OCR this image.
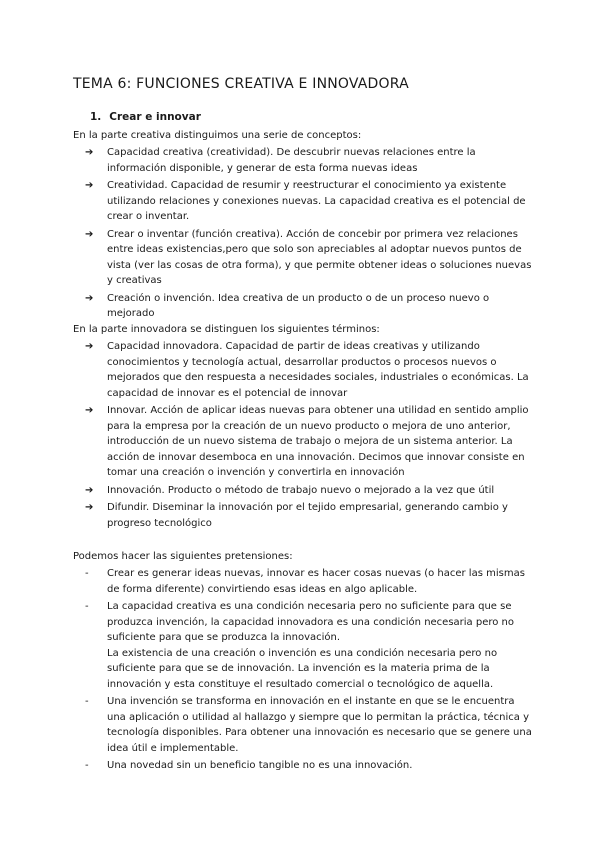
TEMA 6: FUNCIONES CREATIVA E INNOVADORA
1. Crear e innovar
En la parte creativa distinguimos una serie de conceptos:
➔	Capacidad creativa (creatividad). De descubrir nuevas relaciones entre la información disponible, y generar de esta forma nuevas ideas
➔	Creatividad. Capacidad de resumir y reestructurar el conocimiento ya existente utilizando relaciones y conexiones nuevas. La capacidad creativa es el potencial de crear o inventar.
➔	Crear o inventar (función creativa). Acción de concebir por primera vez relaciones entre ideas existencias,pero que solo son apreciables al adoptar nuevos puntos de vista (ver las cosas de otra forma), y que permite obtener ideas o soluciones nuevas y creativas
➔	Creación o invención. Idea creativa de un producto o de un proceso nuevo o mejorado
En la parte innovadora se distinguen los siguientes términos:
➔	Capacidad innovadora. Capacidad de partir de ideas creativas y utilizando conocimientos y tecnología actual, desarrollar productos o procesos nuevos o mejorados que den respuesta a necesidades sociales, industriales o económicas. La capacidad de innovar es el potencial de innovar
➔	Innovar. Acción de aplicar ideas nuevas para obtener una utilidad en sentido amplio para la empresa por la creación de un nuevo producto o mejora de uno anterior, introducción de un nuevo sistema de trabajo o mejora de un sistema anterior. La acción de innovar desemboca en una innovación. Decimos que innovar consiste en tomar una creación o invención y convertirla en innovación
➔	Innovación. Producto o método de trabajo nuevo o mejorado a la vez que útil
➔	Difundir. Diseminar la innovación por el tejido empresarial, generando cambio y progreso tecnológico
Podemos hacer las siguientes pretensiones:
-	Crear es generar ideas nuevas, innovar es hacer cosas nuevas (o hacer las mismas de forma diferente) convirtiendo esas ideas en algo aplicable.
-	La capacidad creativa es una condición necesaria pero no suficiente para que se produzca invención, la capacidad innovadora es una condición necesaria pero no suficiente para que se produzca la innovación.
La existencia de una creación o invención es una condición necesaria pero no suficiente para que se de innovación. La invención es la materia prima de la innovación y esta constituye el resultado comercial o tecnológico de aquella.
-	Una invención se transforma en innovación en el instante en que se le encuentra una aplicación o utilidad al hallazgo y siempre que lo permitan la práctica, técnica y tecnología disponibles. Para obtener una innovación es necesario que se genere una idea útil e implementable.
-	Una novedad sin un beneficio tangible no es una innovación.
